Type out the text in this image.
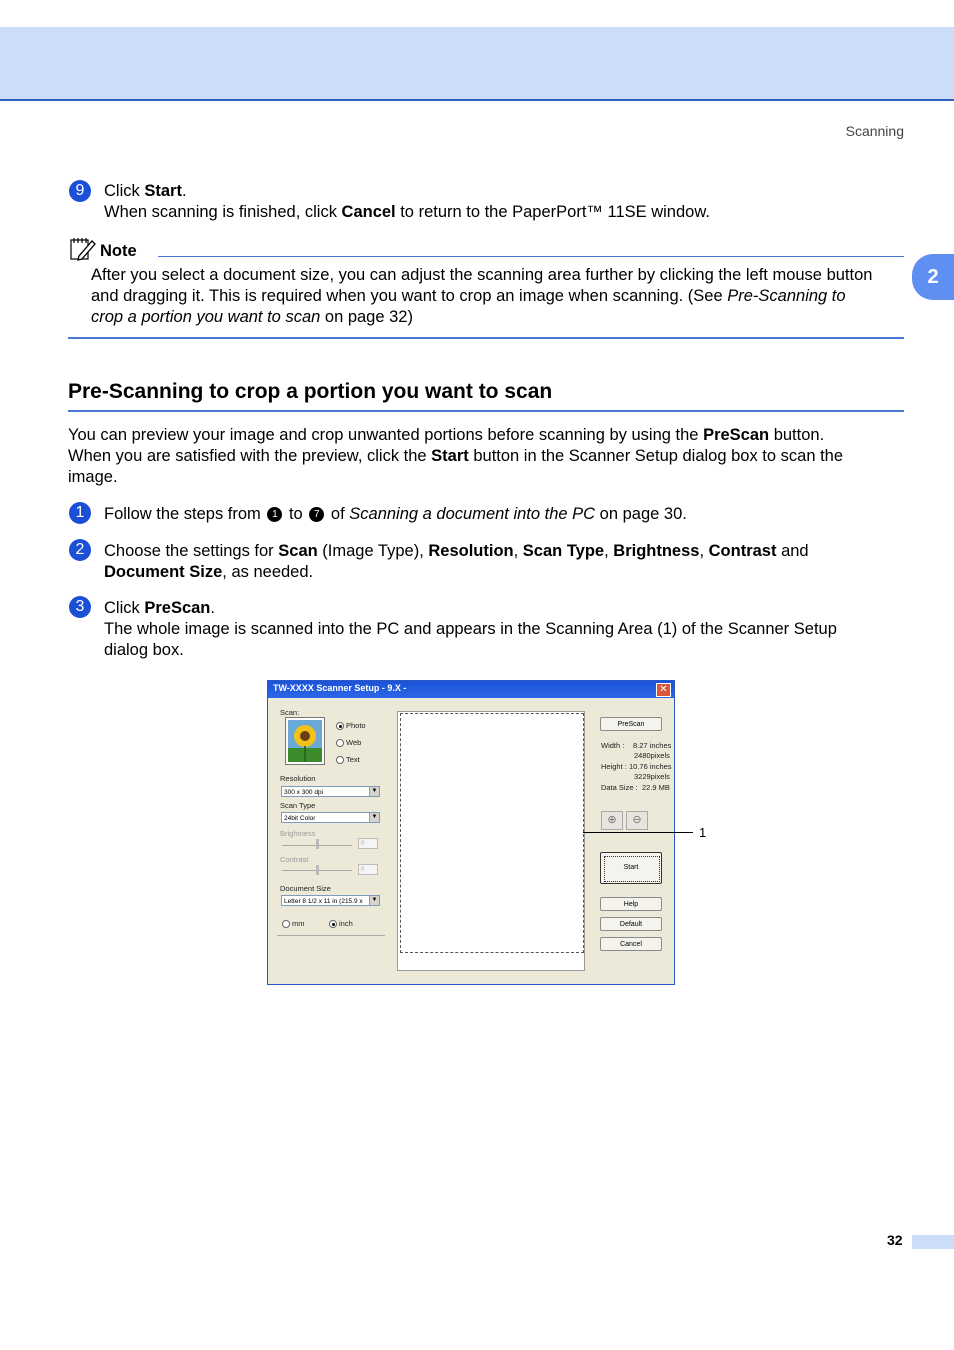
Scanning
2
9	Click Start.
When scanning is finished, click Cancel to return to the PaperPort™ 11SE window.
Note
After you select a document size, you can adjust the scanning area further by clicking the left mouse button
and dragging it. This is required when you want to crop an image when scanning. (See Pre-Scanning to
crop a portion you want to scan on page 32)
Pre-Scanning to crop a portion you want to scan
You can preview your image and crop unwanted portions before scanning by using the PreScan button.
When you are satisfied with the preview, click the Start button in the Scanner Setup dialog box to scan the
image.
1	Follow the steps from 1 to 7 of Scanning a document into the PC on page 30.
2	Choose the settings for Scan (Image Type), Resolution, Scan Type, Brightness, Contrast and
Document Size, as needed.
3	Click PreScan.
The whole image is scanned into the PC and appears in the Scanning Area (1) of the Scanner Setup
dialog box.
TW-XXXX Scanner Setup - 9.X -	✕
Scan:
Photo
Web
Text
Resolution
300 x 300 dpi	▼
Scan Type
24bit Color	▼
Brightness
0
Contrast
0
Document Size
Letter 8 1/2 x 11 in (215.9 x	▼
mm	inch
PreScan
Width : 8.27 inches
2480pixels
Height : 10.76 inches
3229pixels
Data Size : 22.9 MB
⊕	⊖
Start
Help
Default
Cancel
1
32
